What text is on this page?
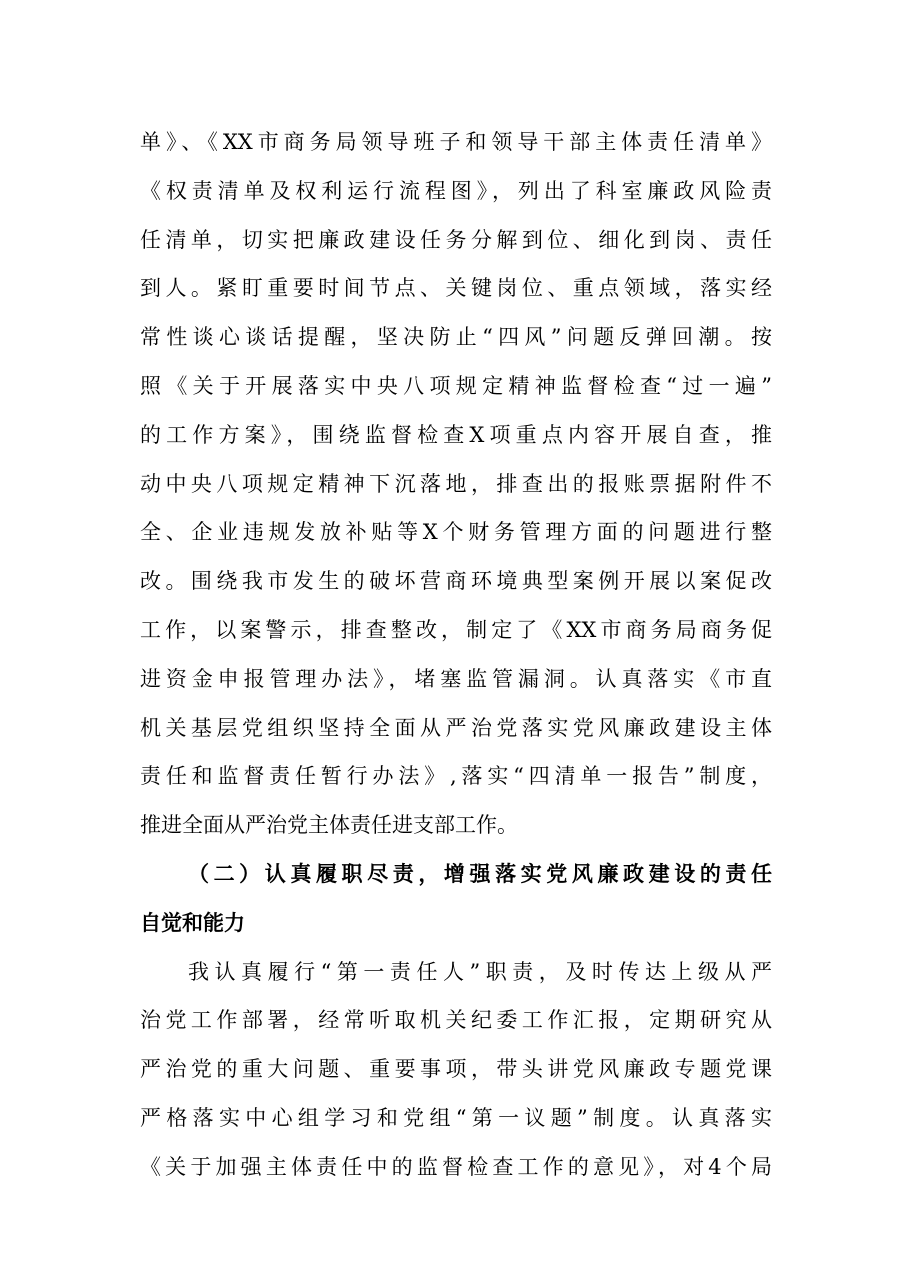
单》、《XX市商务局领导班子和领导干部主体责任清单》
《权责清单及权利运行流程图》，列出了科室廉政风险责
任清单，切实把廉政建设任务分解到位、细化到岗、责任
到人。紧盯重要时间节点、关键岗位、重点领域，落实经
常性谈心谈话提醒，坚决防止“四风”问题反弹回潮。按
照《关于开展落实中央八项规定精神监督检查“过一遍”
的工作方案》，围绕监督检查X项重点内容开展自查，推
动中央八项规定精神下沉落地，排查出的报账票据附件不
全、企业违规发放补贴等X个财务管理方面的问题进行整
改。围绕我市发生的破坏营商环境典型案例开展以案促改
工作，以案警示，排查整改，制定了《XX市商务局商务促
进资金申报管理办法》，堵塞监管漏洞。认真落实《市直
机关基层党组织坚持全面从严治党落实党风廉政建设主体
责任和监督责任暂行办法》,落实“四清单一报告”制度，
推进全面从严治党主体责任进支部工作。
（二）认真履职尽责，增强落实党风廉政建设的责任
自觉和能力
我认真履行“第一责任人”职责，及时传达上级从严
治党工作部署，经常听取机关纪委工作汇报，定期研究从
严治党的重大问题、重要事项，带头讲党风廉政专题党课
严格落实中心组学习和党组“第一议题”制度。认真落实
《关于加强主体责任中的监督检查工作的意见》，对4个局
